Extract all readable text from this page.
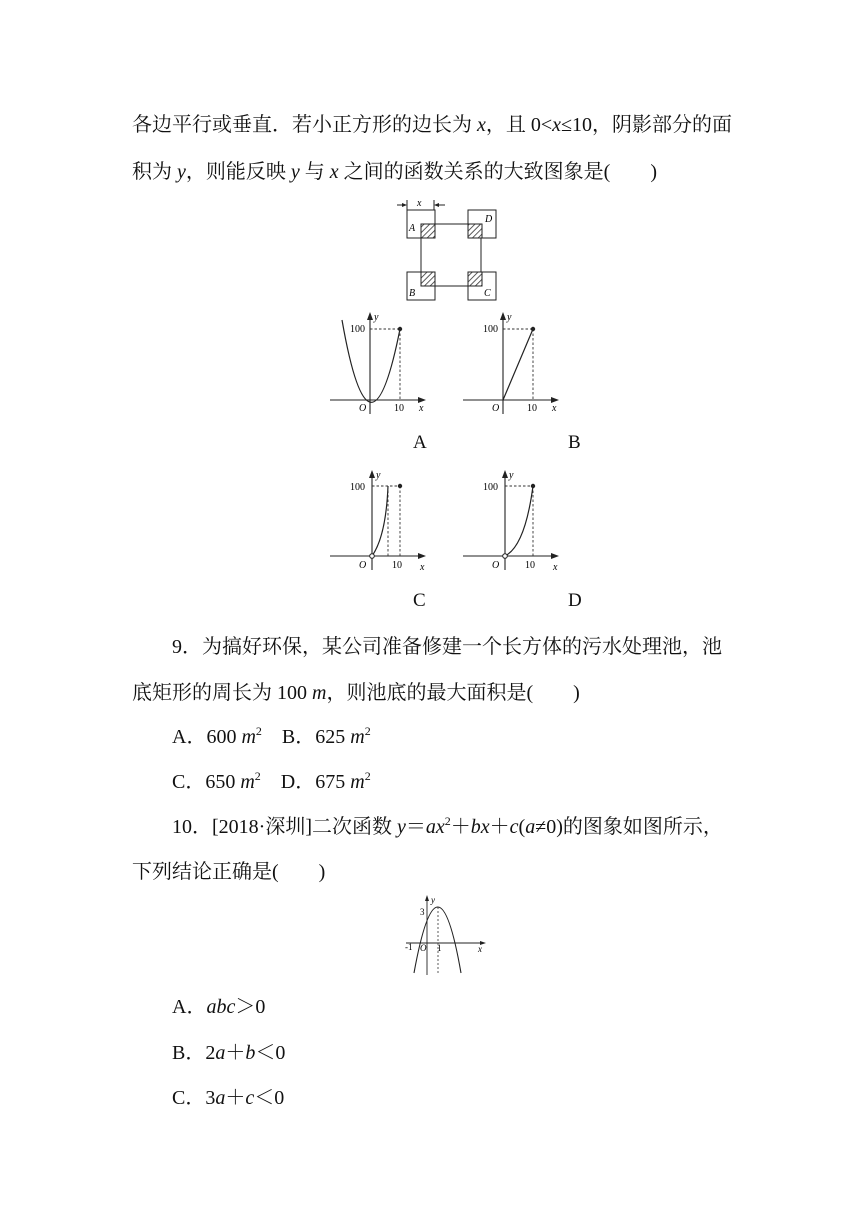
各边平行或垂直．若小正方形的边长为 x，且 0<x≤10，阴影部分的面
积为 y，则能反映 y 与 x 之间的函数关系的大致图象是(　　)
x
A
D
B	C
y
x
O
100
10
A
y
x
O
100
10
B
y
x
O
100
10
C
y
x
O
100
10
D
9．为搞好环保，某公司准备修建一个长方体的污水处理池，池
底矩形的周长为 100 m，则池底的最大面积是(　　)
A．600 $m^2$　B．625 $m^2$
C．650 $m^2$　D．675 $m^2$
10．[2018·深圳]二次函数 $y=ax^2+bx+c(a\ne 0)$的图象如图所示，
下列结论正确是(　　)
y
x
3
-1 O 1
A．abc＞0
B．2a＋b＜0
C．3a＋c＜0
